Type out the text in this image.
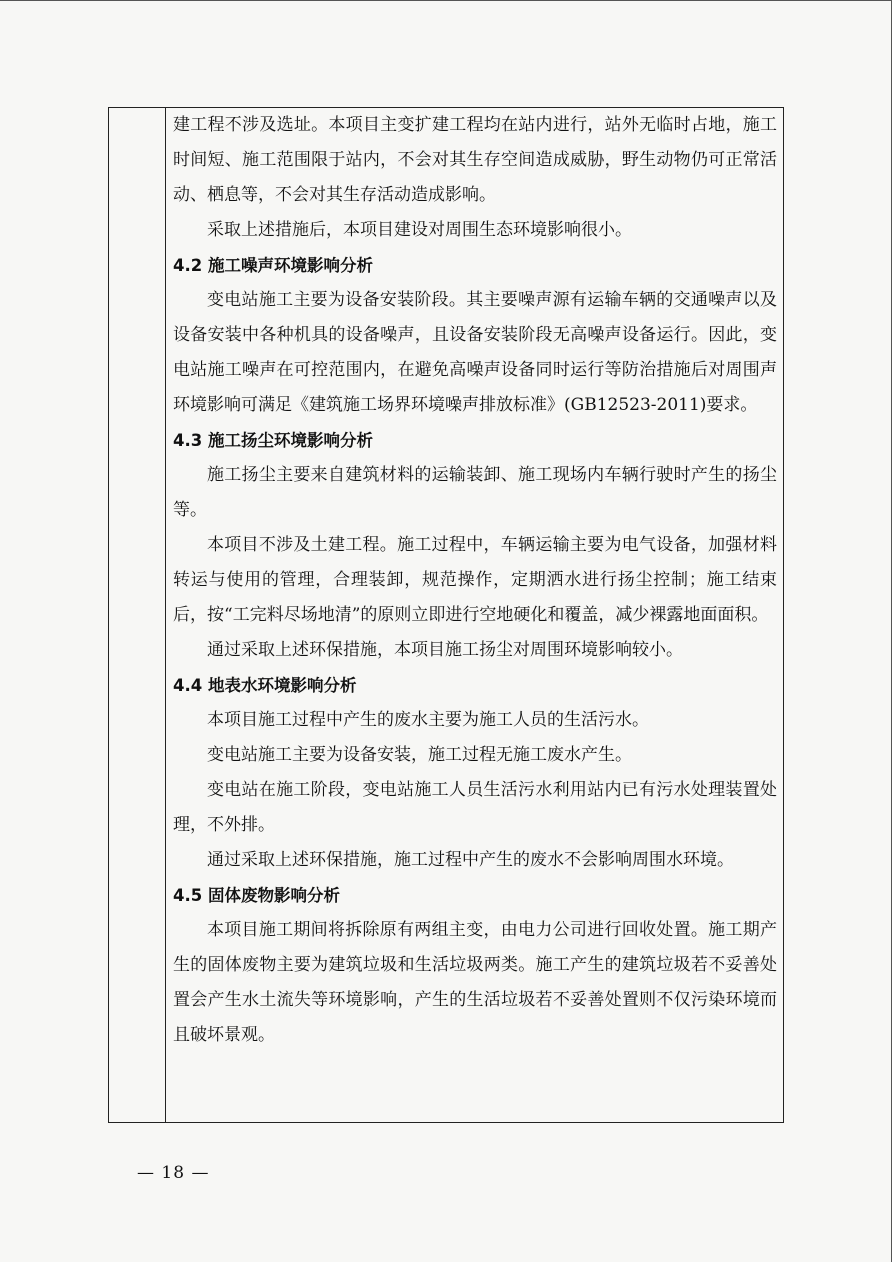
建工程不涉及选址。本项目主变扩建工程均在站内进行，站外无临时占地，施工时间短、施工范围限于站内，不会对其生存空间造成威胁，野生动物仍可正常活动、栖息等，不会对其生存活动造成影响。

采取上述措施后，本项目建设对周围生态环境影响很小。

4.2 施工噪声环境影响分析

变电站施工主要为设备安装阶段。其主要噪声源有运输车辆的交通噪声以及设备安装中各种机具的设备噪声，且设备安装阶段无高噪声设备运行。因此，变电站施工噪声在可控范围内，在避免高噪声设备同时运行等防治措施后对周围声环境影响可满足《建筑施工场界环境噪声排放标准》(GB12523-2011)要求。

4.3 施工扬尘环境影响分析

施工扬尘主要来自建筑材料的运输装卸、施工现场内车辆行驶时产生的扬尘等。

本项目不涉及土建工程。施工过程中，车辆运输主要为电气设备，加强材料转运与使用的管理，合理装卸，规范操作，定期洒水进行扬尘控制；施工结束后，按“工完料尽场地清”的原则立即进行空地硬化和覆盖，减少裸露地面面积。

通过采取上述环保措施，本项目施工扬尘对周围环境影响较小。

4.4 地表水环境影响分析

本项目施工过程中产生的废水主要为施工人员的生活污水。

变电站施工主要为设备安装，施工过程无施工废水产生。

变电站在施工阶段，变电站施工人员生活污水利用站内已有污水处理装置处理，不外排。

通过采取上述环保措施，施工过程中产生的废水不会影响周围水环境。

4.5 固体废物影响分析

本项目施工期间将拆除原有两组主变，由电力公司进行回收处置。施工期产生的固体废物主要为建筑垃圾和生活垃圾两类。施工产生的建筑垃圾若不妥善处置会产生水土流失等环境影响，产生的生活垃圾若不妥善处置则不仅污染环境而且破坏景观。

— 18 —
